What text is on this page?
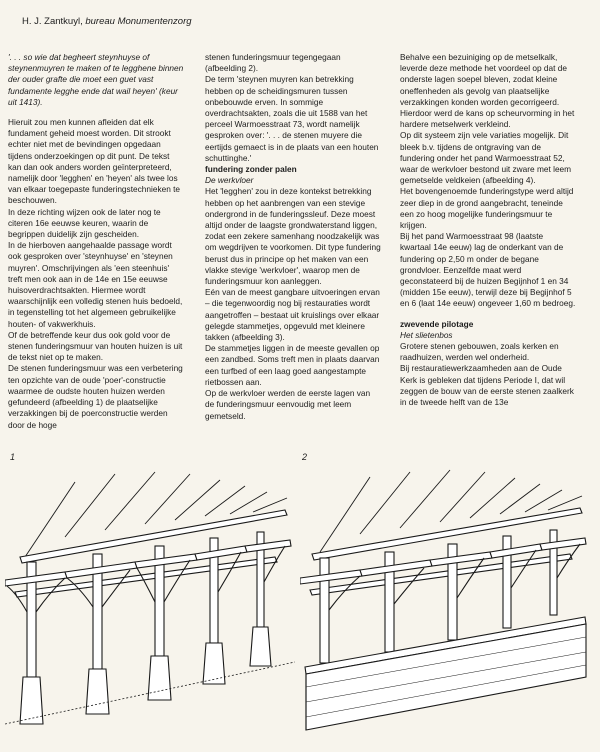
H. J. Zantkuyl, bureau Monumentenzorg

'. . . so wie dat begheert steynhuyse of steynenmuyren te maken of te legghene binnen der ouder grafte die moet een guet vast fundamente legghe ende dat wail heyen' (keur uit 1413).

Hieruit zou men kunnen afleiden dat elk fundament geheid moest worden. Dit strookt echter niet met de bevindingen opgedaan tijdens onderzoekingen op dit punt. De tekst kan dan ook anders worden geïnterpreteerd, namelijk door 'legghen' en 'heyen' als twee los van elkaar toegepaste funderingstechnieken te beschouwen.

In deze richting wijzen ook de later nog te citeren 16e eeuwse keuren, waarin de begrippen duidelijk zijn gescheiden.

In de hierboven aangehaalde passage wordt ook gesproken over 'steynhuyse' en 'steynen muyren'. Omschrijvingen als 'een steenhuis' treft men ook aan in de 14e en 15e eeuwse huisoverdrachtsakten. Hiermee wordt waarschijnlijk een volledig stenen huis bedoeld, in tegenstelling tot het algemeen gebruikelijke houten- of vakwerkhuis.

Of de betreffende keur dus ook gold voor de stenen funderingsmuur van houten huizen is uit de tekst niet op te maken.

De stenen funderingsmuur was een verbetering ten opzichte van de oude 'poer'-constructie waarmee de oudste houten huizen werden gefundeerd (afbeelding 1) de plaatselijke verzakkingen bij de poerconstructie werden door de hoge

stenen funderingsmuur tegengegaan (afbeelding 2).

De term 'steynen muyren kan betrekking hebben op de scheidingsmuren tussen onbebouwde erven. In sommige overdrachtsakten, zoals die uit 1588 van het perceel Warmoesstraat 73, wordt namelijk gesproken over: '. . . de stenen muyere die eertijds gemaect is in de plaats van een houten schuttinghe.'

fundering zonder palen

De werkvloer

Het 'legghen' zou in deze kontekst betrekking hebben op het aanbrengen van een stevige ondergrond in de funderingssleuf. Deze moest altijd onder de laagste grondwaterstand liggen, zodat een zekere samenhang noodzakelijk was om wegdrijven te voorkomen. Dit type fundering berust dus in principe op het maken van een vlakke stevige 'werkvloer', waarop men de funderingsmuur kon aanleggen.

Eén van de meest gangbare uitvoeringen ervan – die tegenwoordig nog bij restauraties wordt aangetroffen – bestaat uit kruislings over elkaar gelegde stammetjes, opgevuld met kleinere takken (afbeelding 3).

De stammetjes liggen in de meeste gevallen op een zandbed. Soms treft men in plaats daarvan een turfbed of een laag goed aangestampte rietbossen aan.

Op de werkvloer werden de eerste lagen van de funderingsmuur eenvoudig met leem gemetseld.

Behalve een bezuiniging op de metselkalk, leverde deze methode het voordeel op dat de onderste lagen soepel bleven, zodat kleine oneffenheden als gevolg van plaatselijke verzakkingen konden worden gecorrigeerd. Hierdoor werd de kans op scheurvorming in het hardere metselwerk verkleind.

Op dit systeem zijn vele variaties mogelijk. Dit bleek b.v. tijdens de ontgraving van de fundering onder het pand Warmoesstraat 52, waar de werkvloer bestond uit zware met leem gemetselde veldkeien (afbeelding 4).

Het bovengenoemde funderingstype werd altijd zeer diep in de grond aangebracht, teneinde een zo hoog mogelijke funderingsmuur te krijgen.

Bij het pand Warmoesstraat 98 (laatste kwartaal 14e eeuw) lag de onderkant van de fundering op 2,50 m onder de begane grondvloer. Eenzelfde maat werd geconstateerd bij de huizen Begijnhof 1 en 34 (midden 15e eeuw), terwijl deze bij Begijnhof 5 en 6 (laat 14e eeuw) ongeveer 1,60 m bedroeg.

zwevende pilotage

Het slietenbos

Grotere stenen gebouwen, zoals kerken en raadhuizen, werden wel onderheid.

Bij restauratiewerkzaamheden aan de Oude Kerk is gebleken dat tijdens Periode I, dat wil zeggen de bouw van de eerste stenen zaalkerk in de tweede helft van de 13e

1	2
